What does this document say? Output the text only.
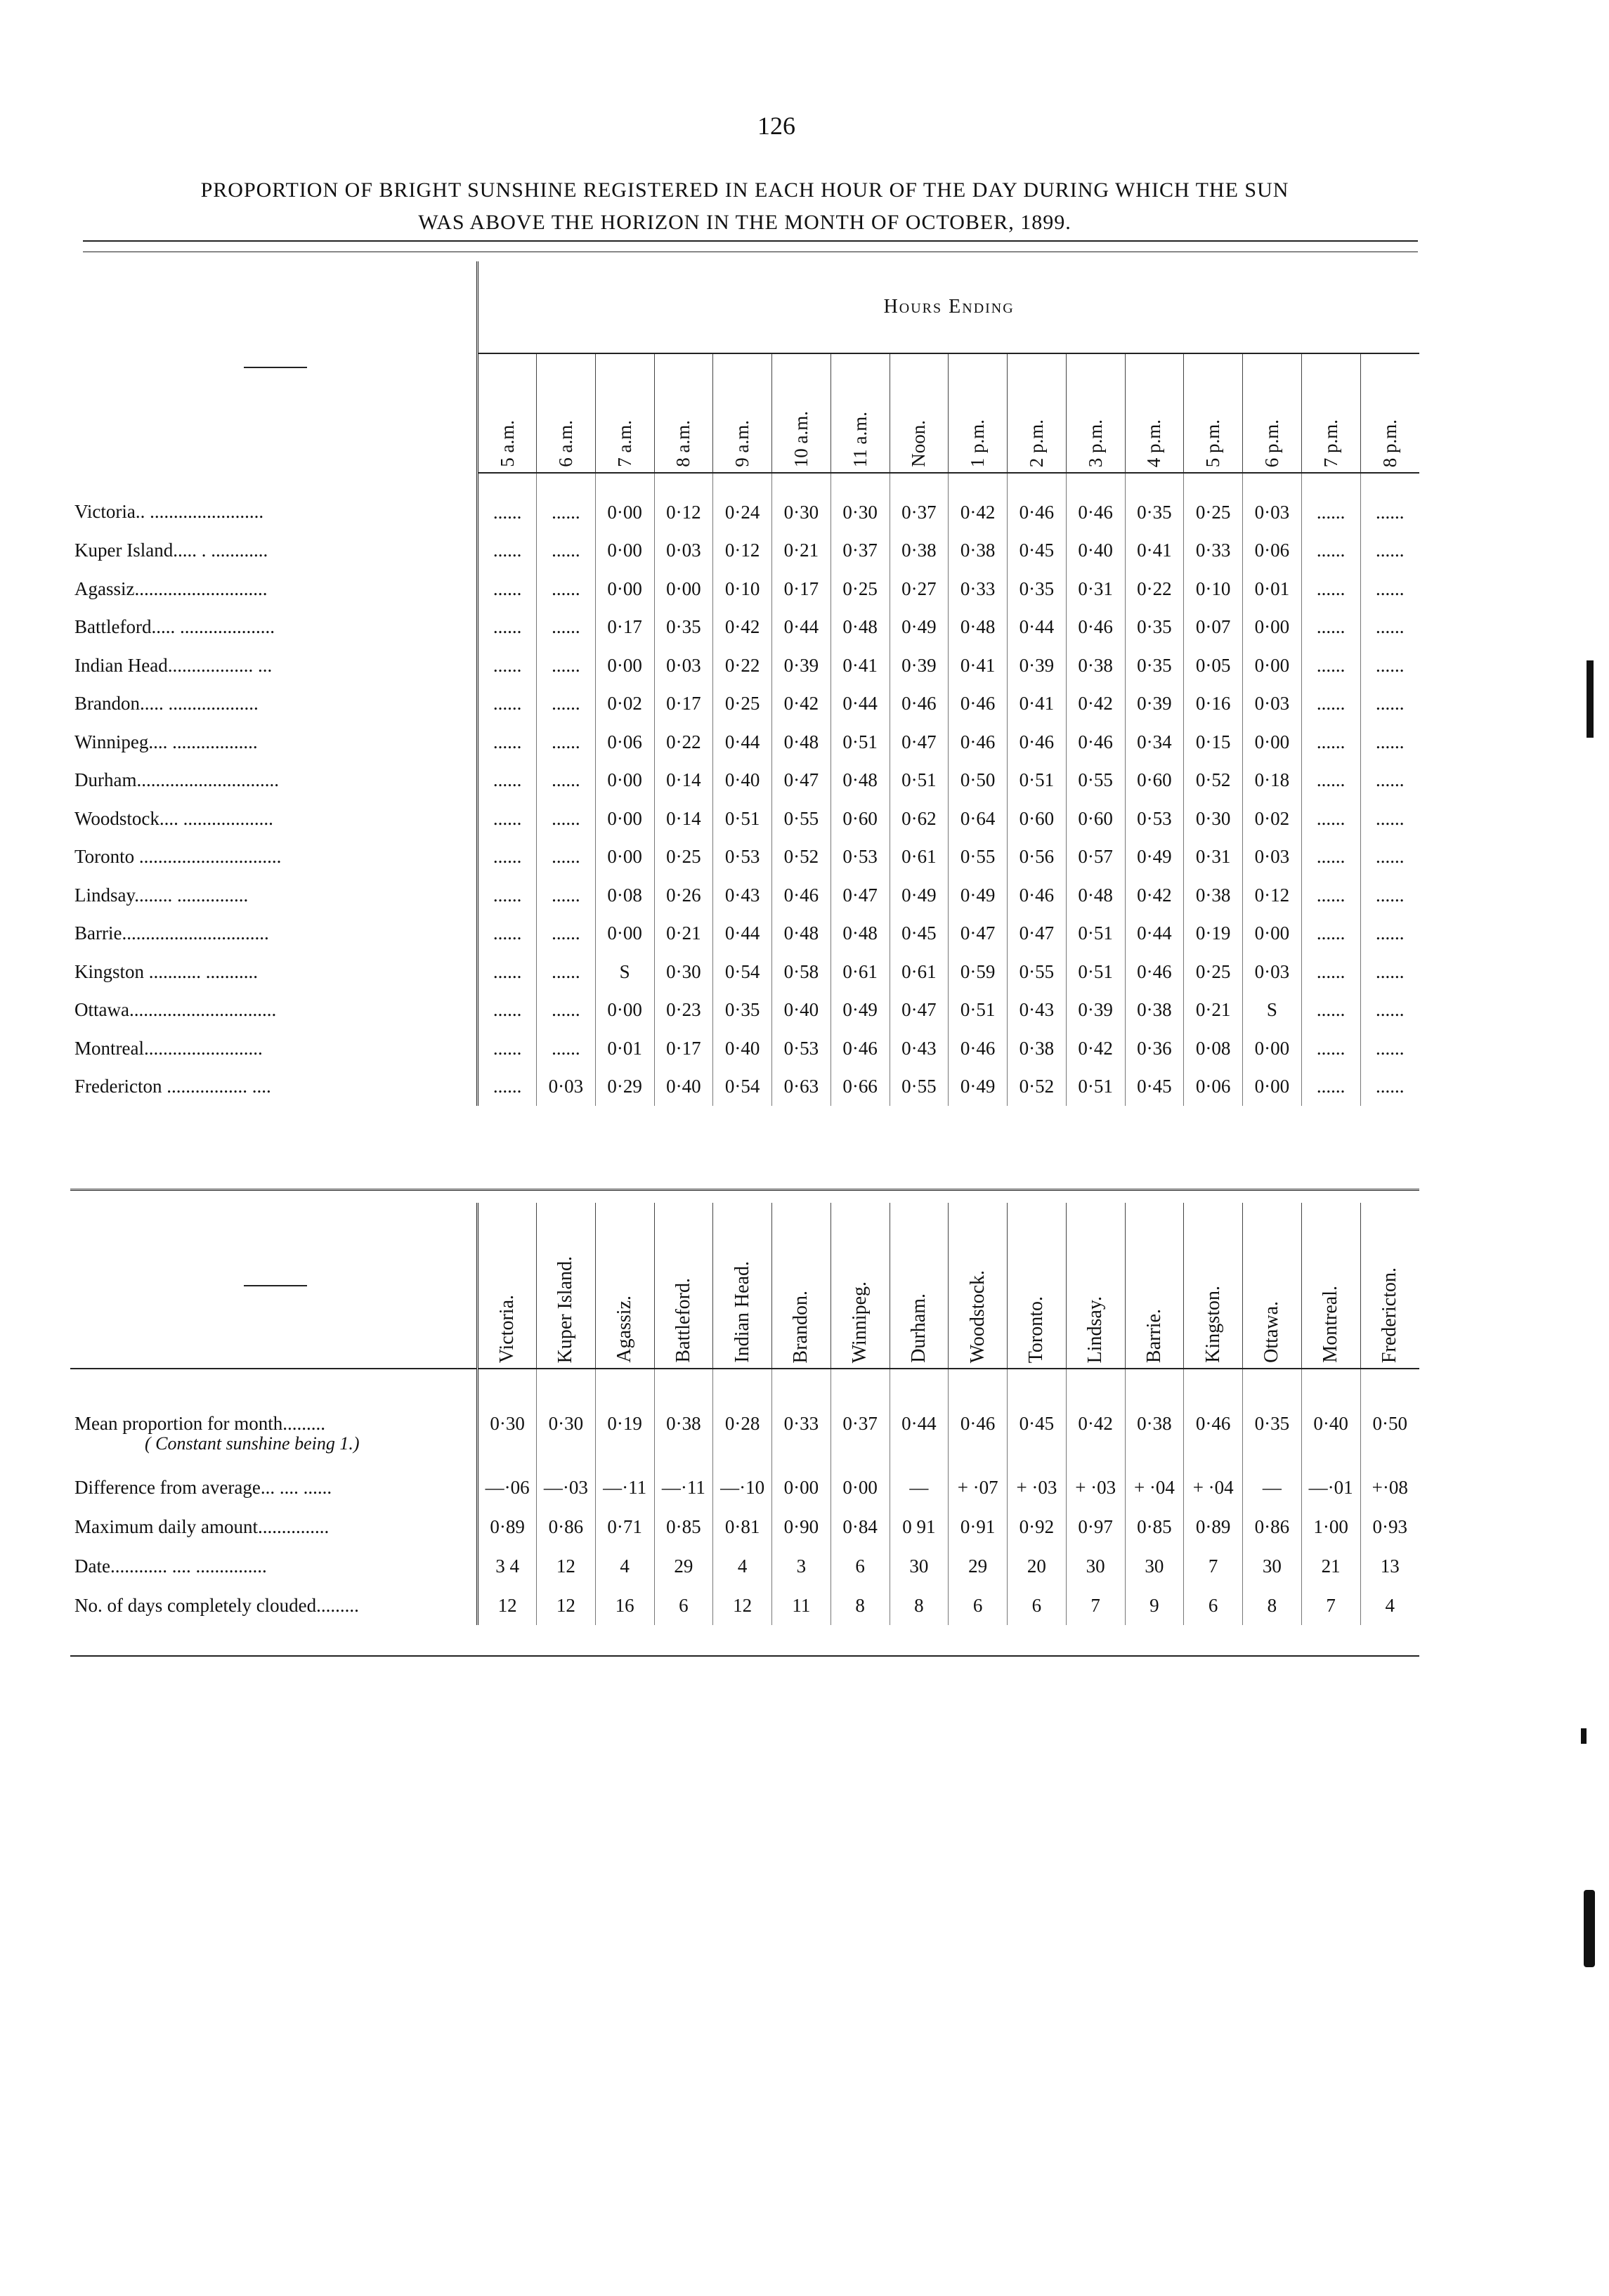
126
PROPORTION OF BRIGHT SUNSHINE REGISTERED IN EACH HOUR OF THE DAY DURING WHICH THE SUN
WAS ABOVE THE HORIZON IN THE MONTH OF OCTOBER, 1899.
	Hours Ending															
	5 a.m.	6 a.m.	7 a.m.	8 a.m.	9 a.m.	10 a.m.	11 a.m.	Noon.	1 p.m.	2 p.m.	3 p.m.	4 p.m.	5 p.m.	6 p.m.	7 p.m.	8 p.m.
Victoria.. ........................	......	......	0·00	0·12	0·24	0·30	0·30	0·37	0·42	0·46	0·46	0·35	0·25	0·03	......	......
Kuper Island..... . ............	......	......	0·00	0·03	0·12	0·21	0·37	0·38	0·38	0·45	0·40	0·41	0·33	0·06	......	......
Agassiz............................	......	......	0·00	0·00	0·10	0·17	0·25	0·27	0·33	0·35	0·31	0·22	0·10	0·01	......	......
Battleford..... ....................	......	......	0·17	0·35	0·42	0·44	0·48	0·49	0·48	0·44	0·46	0·35	0·07	0·00	......	......
Indian Head.................. ...	......	......	0·00	0·03	0·22	0·39	0·41	0·39	0·41	0·39	0·38	0·35	0·05	0·00	......	......
Brandon..... ...................	......	......	0·02	0·17	0·25	0·42	0·44	0·46	0·46	0·41	0·42	0·39	0·16	0·03	......	......
Winnipeg.... ..................	......	......	0·06	0·22	0·44	0·48	0·51	0·47	0·46	0·46	0·46	0·34	0·15	0·00	......	......
Durham..............................	......	......	0·00	0·14	0·40	0·47	0·48	0·51	0·50	0·51	0·55	0·60	0·52	0·18	......	......
Woodstock.... ...................	......	......	0·00	0·14	0·51	0·55	0·60	0·62	0·64	0·60	0·60	0·53	0·30	0·02	......	......
Toronto ..............................	......	......	0·00	0·25	0·53	0·52	0·53	0·61	0·55	0·56	0·57	0·49	0·31	0·03	......	......
Lindsay........ ...............	......	......	0·08	0·26	0·43	0·46	0·47	0·49	0·49	0·46	0·48	0·42	0·38	0·12	......	......
Barrie...............................	......	......	0·00	0·21	0·44	0·48	0·48	0·45	0·47	0·47	0·51	0·44	0·19	0·00	......	......
Kingston ........... ...........	......	......	S	0·30	0·54	0·58	0·61	0·61	0·59	0·55	0·51	0·46	0·25	0·03	......	......
Ottawa...............................	......	......	0·00	0·23	0·35	0·40	0·49	0·47	0·51	0·43	0·39	0·38	0·21	S	......	......
Montreal.........................	......	......	0·01	0·17	0·40	0·53	0·46	0·43	0·46	0·38	0·42	0·36	0·08	0·00	......	......
Fredericton ................. ....	......	0·03	0·29	0·40	0·54	0·63	0·66	0·55	0·49	0·52	0·51	0·45	0·06	0·00	......	......
	Victoria.	Kuper Island.	Agassiz.	Battleford.	Indian Head.	Brandon.	Winnipeg.	Durham.	Woodstock.	Toronto.	Lindsay.	Barrie.	Kingston.	Ottawa.	Montreal.	Fredericton.
Mean proportion for month.........
( Constant sunshine being 1.)	0·30	0·30	0·19	0·38	0·28	0·33	0·37	0·44	0·46	0·45	0·42	0·38	0·46	0·35	0·40	0·50
Difference from average... .... ......	—·06	—·03	—·11	—·11	—·10	0·00	0·00	—	+ ·07	+ ·03	+ ·03	+ ·04	+ ·04	—	—·01	+·08
Maximum daily amount...............	0·89	0·86	0·71	0·85	0·81	0·90	0·84	0 91	0·91	0·92	0·97	0·85	0·89	0·86	1·00	0·93
Date............ .... ...............	3 4	12	4	29	4	3	6	30	29	20	30	30	7	30	21	13
No. of days completely clouded.........	12	12	16	6	12	11	8	8	6	6	7	9	6	8	7	4
